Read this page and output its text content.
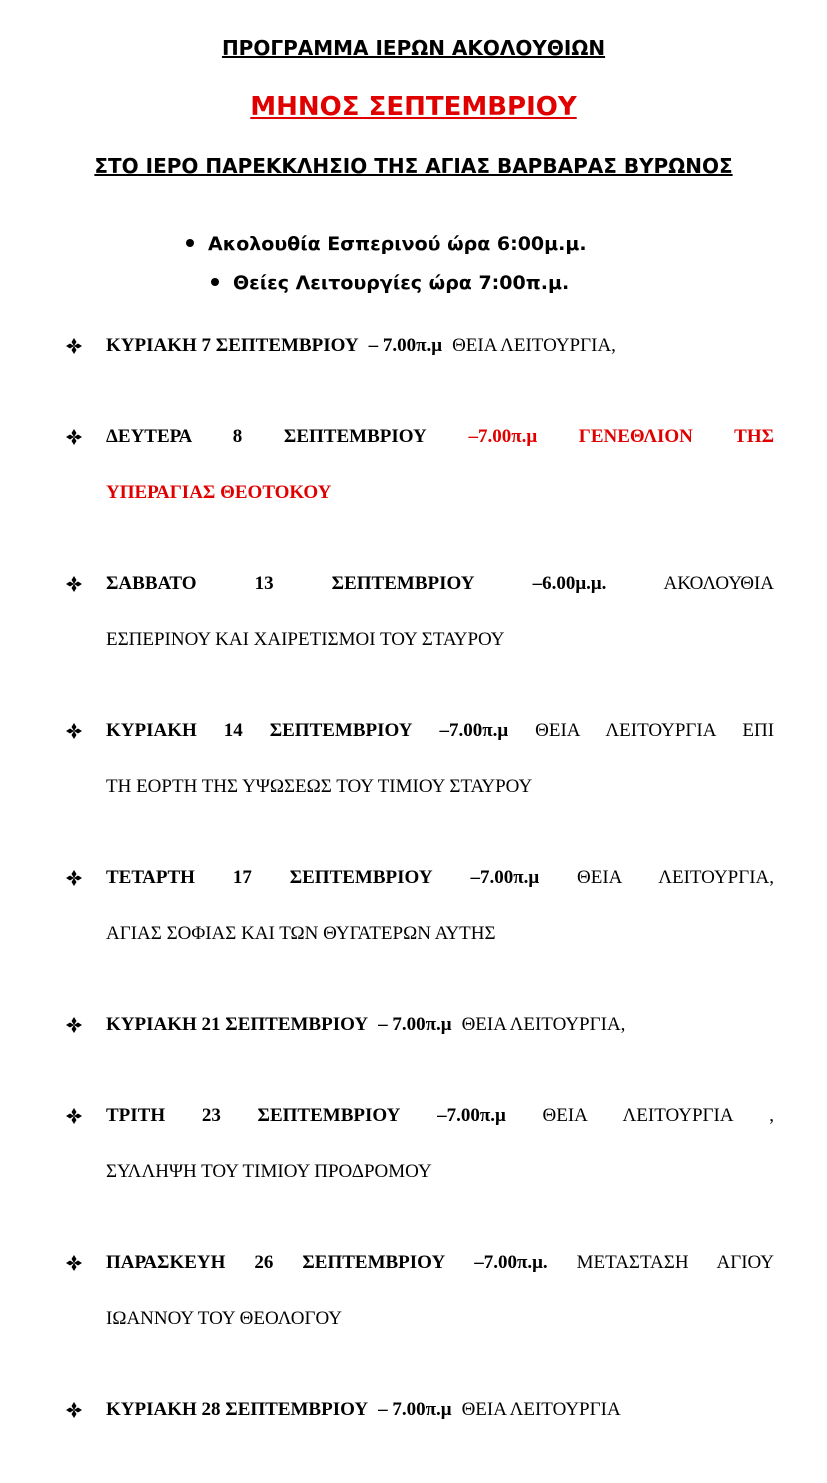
ΠΡΟΓΡΑΜΜΑ ΙΕΡΩΝ ΑΚΟΛΟΥΘΙΩΝ
ΜΗΝΟΣ ΣΕΠΤΕΜΒΡΙΟΥ
ΣΤΟ ΙΕΡΟ ΠΑΡΕΚΚΛΗΣΙΟ ΤΗΣ ΑΓΙΑΣ ΒΑΡΒΑΡΑΣ ΒΥΡΩΝΟΣ
Ακολουθία Εσπερινού ώρα 6:00μ.μ.
Θείες Λειτουργίες ώρα 7:00π.μ.
ΚΥΡΙΑΚΗ 7 ΣΕΠΤΕΜΒΡΙΟΥ – 7.00π.μ ΘΕΙΑ ΛΕΙΤΟΥΡΓΙΑ,
ΔΕΥΤΕΡΑ 8 ΣΕΠΤΕΜΒΡΙΟΥ –7.00π.μ ΓΕΝΕΘΛΙΟΝ ΤΗΣ
ΥΠΕΡΑΓΙΑΣ ΘΕΟΤΟΚΟΥ
ΣΑΒΒΑΤΟ 13 ΣΕΠΤΕΜΒΡΙΟΥ	–6.00μ.μ.	ΑΚΟΛΟΥΘΙΑ
ΕΣΠΕΡΙΝΟΥ ΚΑΙ ΧΑΙΡΕΤΙΣΜΟΙ ΤΟΥ ΣΤΑΥΡΟΥ
ΚΥΡΙΑΚΗ 14 ΣΕΠΤΕΜΒΡΙΟΥ –7.00π.μ ΘΕΙΑ ΛΕΙΤΟΥΡΓΙΑ ΕΠΙ
ΤΗ ΕΟΡΤΗ ΤΗΣ ΥΨΩΣΕΩΣ ΤΟΥ ΤΙΜΙΟΥ ΣΤΑΥΡΟΥ
ΤΕΤΑΡΤΗ 17 ΣΕΠΤΕΜΒΡΙΟΥ –7.00π.μ ΘΕΙΑ ΛΕΙΤΟΥΡΓΙΑ,
ΑΓΙΑΣ ΣΟΦΙΑΣ ΚΑΙ ΤΩΝ ΘΥΓΑΤΕΡΩΝ ΑΥΤΗΣ
ΚΥΡΙΑΚΗ 21 ΣΕΠΤΕΜΒΡΙΟΥ – 7.00π.μ ΘΕΙΑ ΛΕΙΤΟΥΡΓΙΑ,
ΤΡΙΤΗ 23 ΣΕΠΤΕΜΒΡΙΟΥ –7.00π.μ ΘΕΙΑ ΛΕΙΤΟΥΡΓΙΑ ,
ΣΥΛΛΗΨΗ ΤΟΥ ΤΙΜΙΟΥ ΠΡΟΔΡΟΜΟΥ
ΠΑΡΑΣΚΕΥΗ 26 ΣΕΠΤΕΜΒΡΙΟΥ –7.00π.μ. ΜΕΤΑΣΤΑΣΗ ΑΓΙΟΥ
ΙΩΑΝΝΟΥ ΤΟΥ ΘΕΟΛΟΓΟΥ
ΚΥΡΙΑΚΗ 28 ΣΕΠΤΕΜΒΡΙΟΥ – 7.00π.μ ΘΕΙΑ ΛΕΙΤΟΥΡΓΙΑ
